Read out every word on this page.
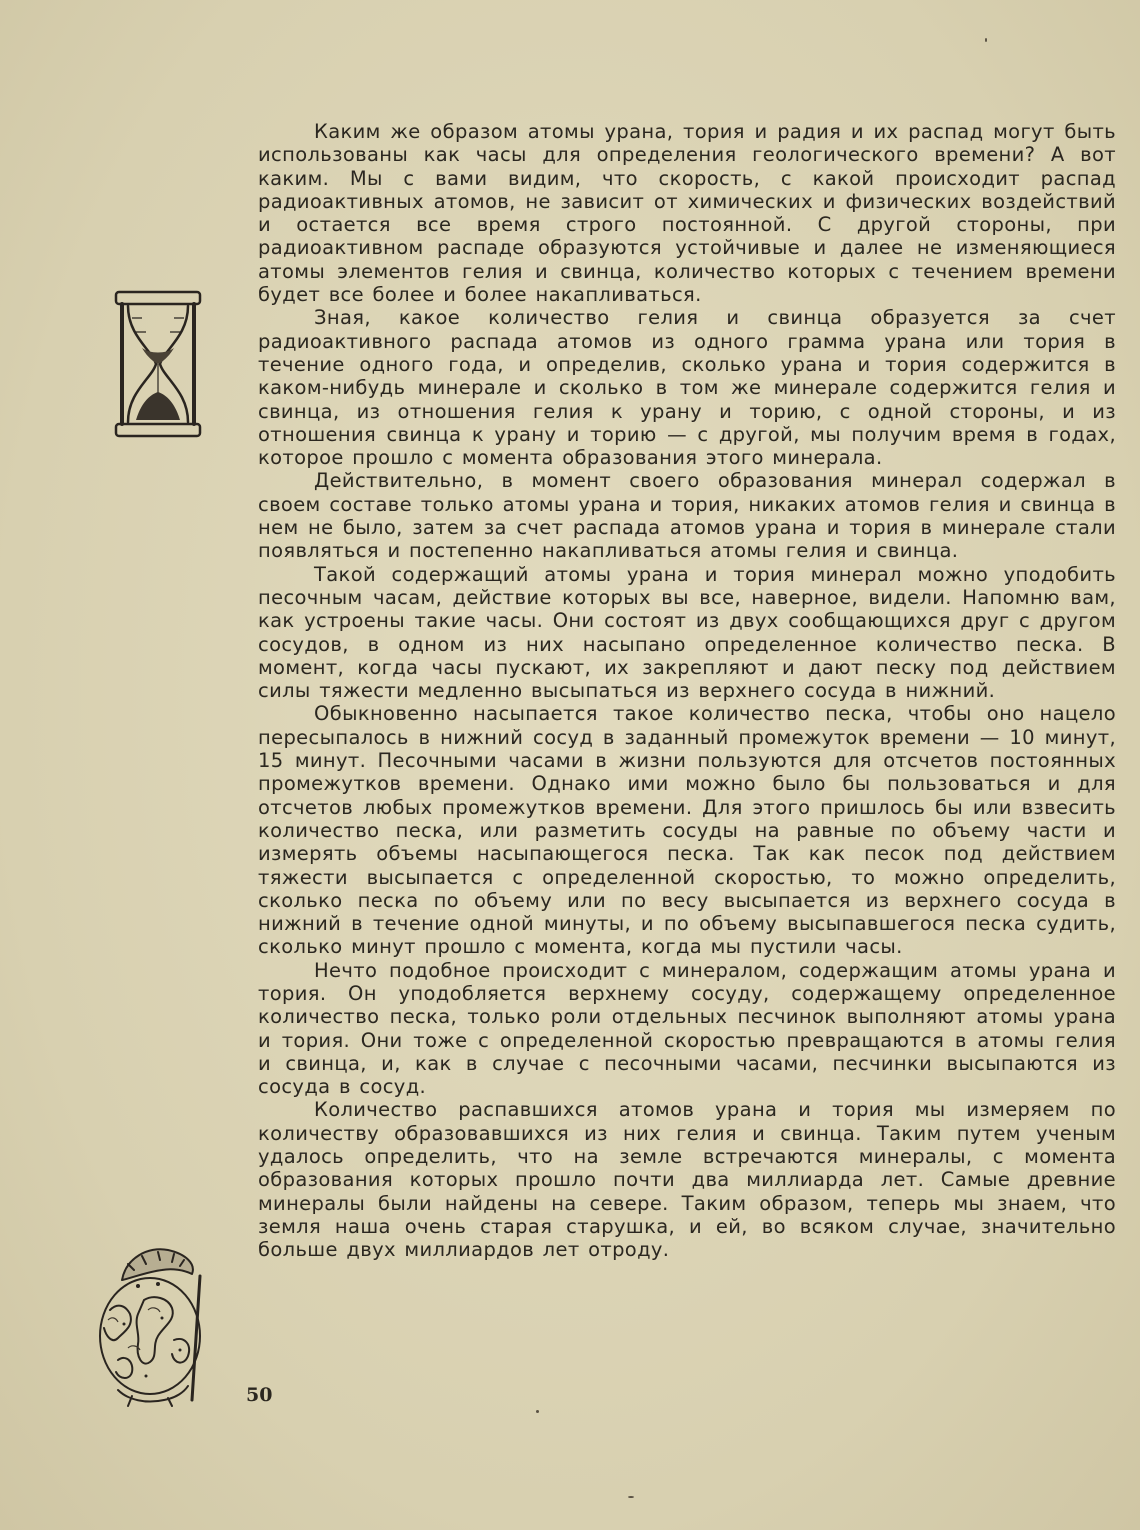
Каким же образом атомы урана, тория и радия и их распад могут быть использованы как часы для определения геологического времени? А вот каким. Мы с вами видим, что скорость, с какой происходит распад радиоактивных атомов, не зависит от химических и физических воздействий и остается все время строго постоянной. С другой стороны, при радиоактивном распаде образуются устойчивые и далее не изменяющиеся атомы элементов гелия и свинца, количество которых с течением времени будет все более и более накапливаться.

Зная, какое количество гелия и свинца образуется за счет радиоактивного распада атомов из одного грамма урана или тория в течение одного года, и определив, сколько урана и тория содержится в каком-нибудь минерале и сколько в том же минерале содержится гелия и свинца, из отношения гелия к урану и торию, с одной стороны, и из отношения свинца к урану и торию — с другой, мы получим время в годах, которое прошло с момента образования этого минерала.

Действительно, в момент своего образования минерал содержал в своем составе только атомы урана и тория, никаких атомов гелия и свинца в нем не было, затем за счет распада атомов урана и тория в минерале стали появляться и постепенно накапливаться атомы гелия и свинца.

Такой содержащий атомы урана и тория минерал можно уподобить песочным часам, действие которых вы все, наверное, видели. Напомню вам, как устроены такие часы. Они состоят из двух сообщающихся друг с другом сосудов, в одном из них насыпано определенное количество песка. В момент, когда часы пускают, их закрепляют и дают песку под действием силы тяжести медленно высыпаться из верхнего сосуда в нижний.

Обыкновенно насыпается такое количество песка, чтобы оно нацело пересыпалось в нижний сосуд в заданный промежуток времени — 10 минут, 15 минут. Песочными часами в жизни пользуются для отсчетов постоянных промежутков времени. Однако ими можно было бы пользоваться и для отсчетов любых промежутков времени. Для этого пришлось бы или взвесить количество песка, или разметить сосуды на равные по объему части и измерять объемы насыпающегося песка. Так как песок под действием тяжести высыпается с определенной скоростью, то можно определить, сколько песка по объему или по весу высыпается из верхнего сосуда в нижний в течение одной минуты, и по объему высыпавшегося песка судить, сколько минут прошло с момента, когда мы пустили часы.

Нечто подобное происходит с минералом, содержащим атомы урана и тория. Он уподобляется верхнему сосуду, содержащему определенное количество песка, только роли отдельных песчинок выполняют атомы урана и тория. Они тоже с определенной скоростью превращаются в атомы гелия и свинца, и, как в случае с песочными часами, песчинки высыпаются из сосуда в сосуд.

Количество распавшихся атомов урана и тория мы измеряем по количеству образовавшихся из них гелия и свинца. Таким путем ученым удалось определить, что на земле встречаются минералы, с момента образования которых прошло почти два миллиарда лет. Самые древние минералы были найдены на севере. Таким образом, теперь мы знаем, что земля наша очень старая старушка, и ей, во всяком случае, значительно больше двух миллиардов лет отроду.

50
